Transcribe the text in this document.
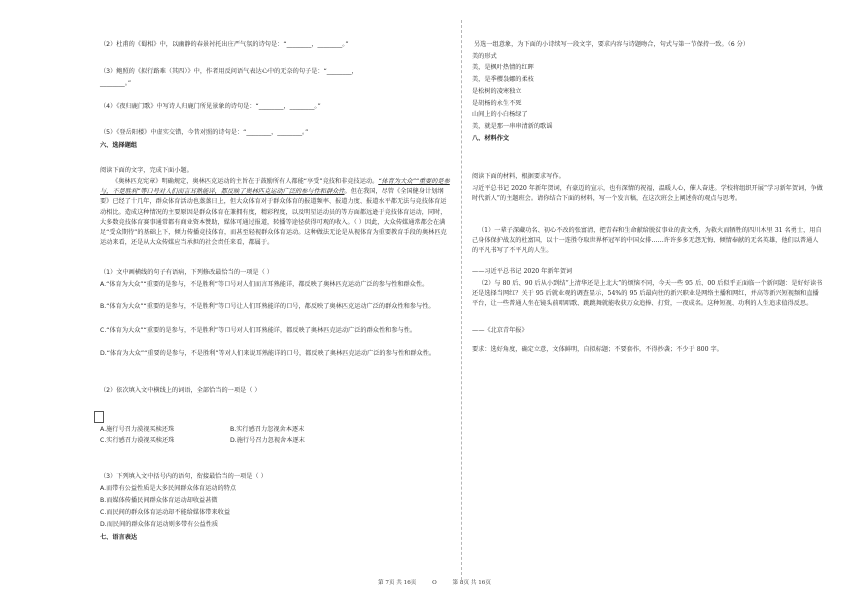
（2）杜甫的《蜀相》中，以幽静的春景衬托出庄严气氛的诗句是：“________，________。”
（3）鲍照的《拟行路难（其四）》中，作者用反问语气表达心中的无奈的句子是：“________，
________。”
（4）《夜归鹿门歌》中写诗人归鹿门所见景象的诗句是：“________，________。”
（5）《登岳阳楼》中虚实交错，今昔对照的诗句是：“________，________。”
六、选择题组
阅读下面的文字，完成下面小题。
《奥林匹克宪章》明确规定，奥林匹克运动的主旨在于鼓励所有人都能“享受”竞技和非竞技运动。“体育为大众”“重要的是参与，不是胜利”等口号对人们而言耳熟能详，都反映了奥林匹克运动广泛的参与性和群众性。但在我国，尽管《全国健身计划纲要》已经了十几年，群众体育活动也蒸蒸日上，但大众体育对于群众体育的报道频率、报道力度、报道水平都无法与竞技体育运动相比。造成这种情况的主要原因是群众体育在兼拥有度，精彩程度，以及明星运动员的等方面都远逊于竞技体育运动，同时，大多数竞技体育赛事通常都有商业资本赞助，媒体可通过报道，转播等途径获得可观的收入。（ ）因此，大众传媒通常都会在满足“受众期待”的基础上下，倾力传播竞技体育，而甚至轻视群众体育运动。这种做法无论是从视体育为重要教育手段的奥林匹克运动来看，还是从大众传媒应当承担的社会责任来看，都属于。
（1）文中画横线的句子有语病，下列修改最恰当的一项是（ ）
A.“体育为大众”“重要的是参与，不是胜利”等口号对人们而言耳熟能详，都反映了奥林匹克运动广泛的参与性和群众性。
B.“体育为大众”“重要的是参与，不是胜利”等口号让人们耳熟能详的口号，都反映了奥林匹克运动广泛的群众性和参与性。
C.“体育为大众”“重要的是参与，不是胜利”等口号对人们耳熟能详，都反映了奥林匹克运动广泛的群众性和参与性。
D.“体育为大众”“重要的是参与，不是胜利”等对人们来说耳熟能详的口号，都反映了奥林匹克运动广泛的参与性和群众性。
（2）依次填入文中横线上的词语，全部恰当的一项是（ ）
A.施行号召力漠视买椟还珠	B.实行感召力忽视舍本逐末
C.实行感召力漠视买椟还珠	D.施行号召力忽视舍本逐末
（3）下列填入文中括号内的语句，衔接最恰当的一项是（ ）
A.而带有公益性质是大多民间群众体育运动的特点
B.而媒体传播民间群众体育运动却收益甚微
C.而民间的群众体育运动却不能给媒体带来收益
D.而民间的群众体育运动则多带有公益性质
七、语言表达
另选一组意象，为下面的小诗续写一段文字，要求内容与诗题吻合，句式与第一节保持一致。（6 分）
美的形式
美，是枫叶热情的红晖
美，是季樱袅娜的柔枝
是松树的凌寒独立
是胡杨的永生不死
山间上的小白杨绿了
美，就是那一串串清新的歌谣
八、材料作文
阅读下面的材料，根据要求写作。
习近平总书记 2020 年新年贺词，有豪迈的宣示，也有深情的祝福，温暖人心，催人奋进。学校将组织开展“学习新年贺词，争做时代新人”的主题班会。请你结合下面的材料，写一个发言稿，在这次班会上阐述你的观点与思考。
（1）一辈子深藏功名、初心不改的张富清，把青春和生命献给脱贫事业的黄文秀，为救火而牺牲的四川木里 31 名勇士，用自己身体保护战友的杜富国，以十一连胜夺取世界杯冠军的中国女排……许许多多无怨无悔、倾情奉献的无名英雄，他们以普通人的平凡书写了不平凡的人生。
——习近平总书记 2020 年新年贺词
（2）与 80 后、90 后从小到结“上清华还是上北大”的烦恼不同，今天一些 95 后、00 后似乎正面临一个新问题：是好好读书还是选择当网红？关于 95 后就业观的调查显示，54%的 95 后最向往的新兴职业是网络主播和网红，并高等新兴短视频和直播平台，让一些普通人坐在镜头前唱唱歌、跳跳舞就能收获万众追捧、打赏，一夜成名。这种短视、功利的人生追求值得反思。
——《北京青年报》
要求：选好角度，确定立意，文体鲜明，自拟标题；不要套作，不得抄袭；不少于 800 字。
第 7页 共 16页	O	第 8页 共 16页
